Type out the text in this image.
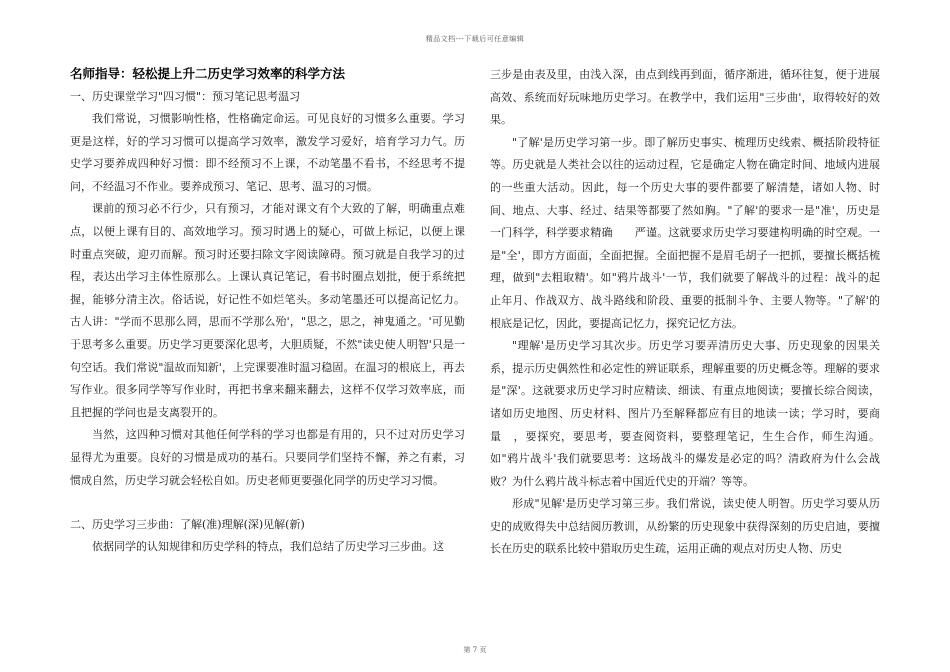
精品文档---下载后可任意编辑
名师指导：轻松提上升二历史学习效率的科学方法
一、历史课堂学习"四习惯"：预习笔记思考温习

我们常说，习惯影响性格，性格确定命运。可见良好的习惯多么重要。学习更是这样，好的学习习惯可以提高学习效率，激发学习爱好，培育学习力气。历史学习要养成四种好习惯：即不经预习不上课，不动笔墨不看书，不经思考不提问，不经温习不作业。要养成预习、笔记、思考、温习的习惯。

课前的预习必不行少，只有预习，才能对课文有个大致的了解，明确重点难点，以便上课有目的、高效地学习。预习时遇上的疑心，可做上标记，以便上课时重点突破，迎刃而解。预习时还要扫除文字阅读障碍。预习就是自我学习的过程，表达出学习主体性原那么。上课认真记笔记，看书时圈点划批，便于系统把握，能够分清主次。俗话说，好记性不如烂笔头。多动笔墨还可以提高记忆力。古人讲："学而不思那么罔，思而不学那么殆'，"思之，思之，神鬼通之。'可见勤于思考多么重要。历史学习更要深化思考，大胆质疑，不然"读史使人明智'只是一句空话。我们常说"温故而知新'，上完课要准时温习稳固。在温习的根底上，再去写作业。很多同学等写作业时，再把书拿来翻来翻去，这样不仅学习效率底，而且把握的学问也是支离裂开的。

当然，这四种习惯对其他任何学科的学习也都是有用的，只不过对历史学习显得尤为重要。良好的习惯是成功的基石。只要同学们坚持不懈，养之有素，习惯成自然，历史学习就会轻松自如。历史老师更要强化同学的历史学习习惯。

二、历史学习三步曲：了解(准)理解(深)见解(新)

依据同学的认知规律和历史学科的特点，我们总结了历史学习三步曲。这

三步是由表及里，由浅入深，由点到线再到面，循序渐进，循环往复，便于进展高效、系统而好玩味地历史学习。在教学中，我们运用"三步曲'，取得较好的效果。

"了解'是历史学习第一步。即了解历史事实、梳理历史线索、概括阶段特征等。历史就是人类社会以往的运动过程，它是确定人物在确定时间、地域内进展的一些重大活动。因此，每一个历史大事的要件都要了解清楚，诸如人物、时间、地点、大事、经过、结果等都要了然如胸。"了解'的要求一是"准'，历史是一门科学，科学要求精确　　严谨。这就要求历史学习要建构明确的时空观。一是"全'，即方方面面，全面把握。全面把握不是眉毛胡子一把抓，要擅长概括梳理，做到"去粗取精'。如"鸦片战斗'一节，我们就要了解战斗的过程：战斗的起止年月、作战双方、战斗路线和阶段、重要的抵制斗争、主要人物等。"了解'的根底是记忆，因此，要提高记忆力，探究记忆方法。

"理解'是历史学习其次步。历史学习要弄清历史大事、历史现象的因果关系，提示历史偶然性和必定性的辨证联系，理解重要的历史概念等。理解的要求是"深'。这就要求历史学习时应精读、细读、有重点地阅读；要擅长综合阅读，诸如历史地图、历史材料、图片乃至解释都应有目的地读一读；学习时，要商量　，要探究，要思考，要查阅资料，要整理笔记，生生合作，师生沟通。如"鸦片战斗'我们就要思考：这场战斗的爆发是必定的吗？清政府为什么会战败？为什么鸦片战斗标志着中国近代史的开端？等等。

形成"见解'是历史学习第三步。我们常说，读史使人明智。历史学习要从历史的成败得失中总结阅历教训，从纷繁的历史现象中获得深刻的历史启迪，要擅长在历史的联系比较中猎取历史生疏，运用正确的观点对历史人物、历史

第 7 页
